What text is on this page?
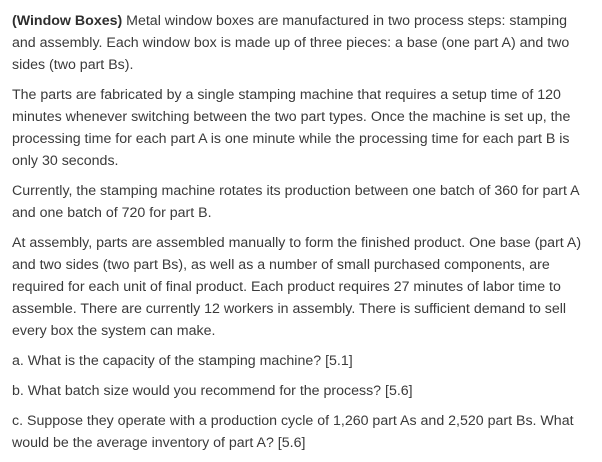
(Window Boxes) Metal window boxes are manufactured in two process steps: stamping and assembly. Each window box is made up of three pieces: a base (one part A) and two sides (two part Bs).

The parts are fabricated by a single stamping machine that requires a setup time of 120 minutes whenever switching between the two part types. Once the machine is set up, the processing time for each part A is one minute while the processing time for each part B is only 30 seconds.

Currently, the stamping machine rotates its production between one batch of 360 for part A and one batch of 720 for part B.

At assembly, parts are assembled manually to form the finished product. One base (part A) and two sides (two part Bs), as well as a number of small purchased components, are required for each unit of final product. Each product requires 27 minutes of labor time to assemble. There are currently 12 workers in assembly. There is sufficient demand to sell every box the system can make.

a. What is the capacity of the stamping machine? [5.1]

b. What batch size would you recommend for the process? [5.6]

c. Suppose they operate with a production cycle of 1,260 part As and 2,520 part Bs. What would be the average inventory of part A? [5.6]
